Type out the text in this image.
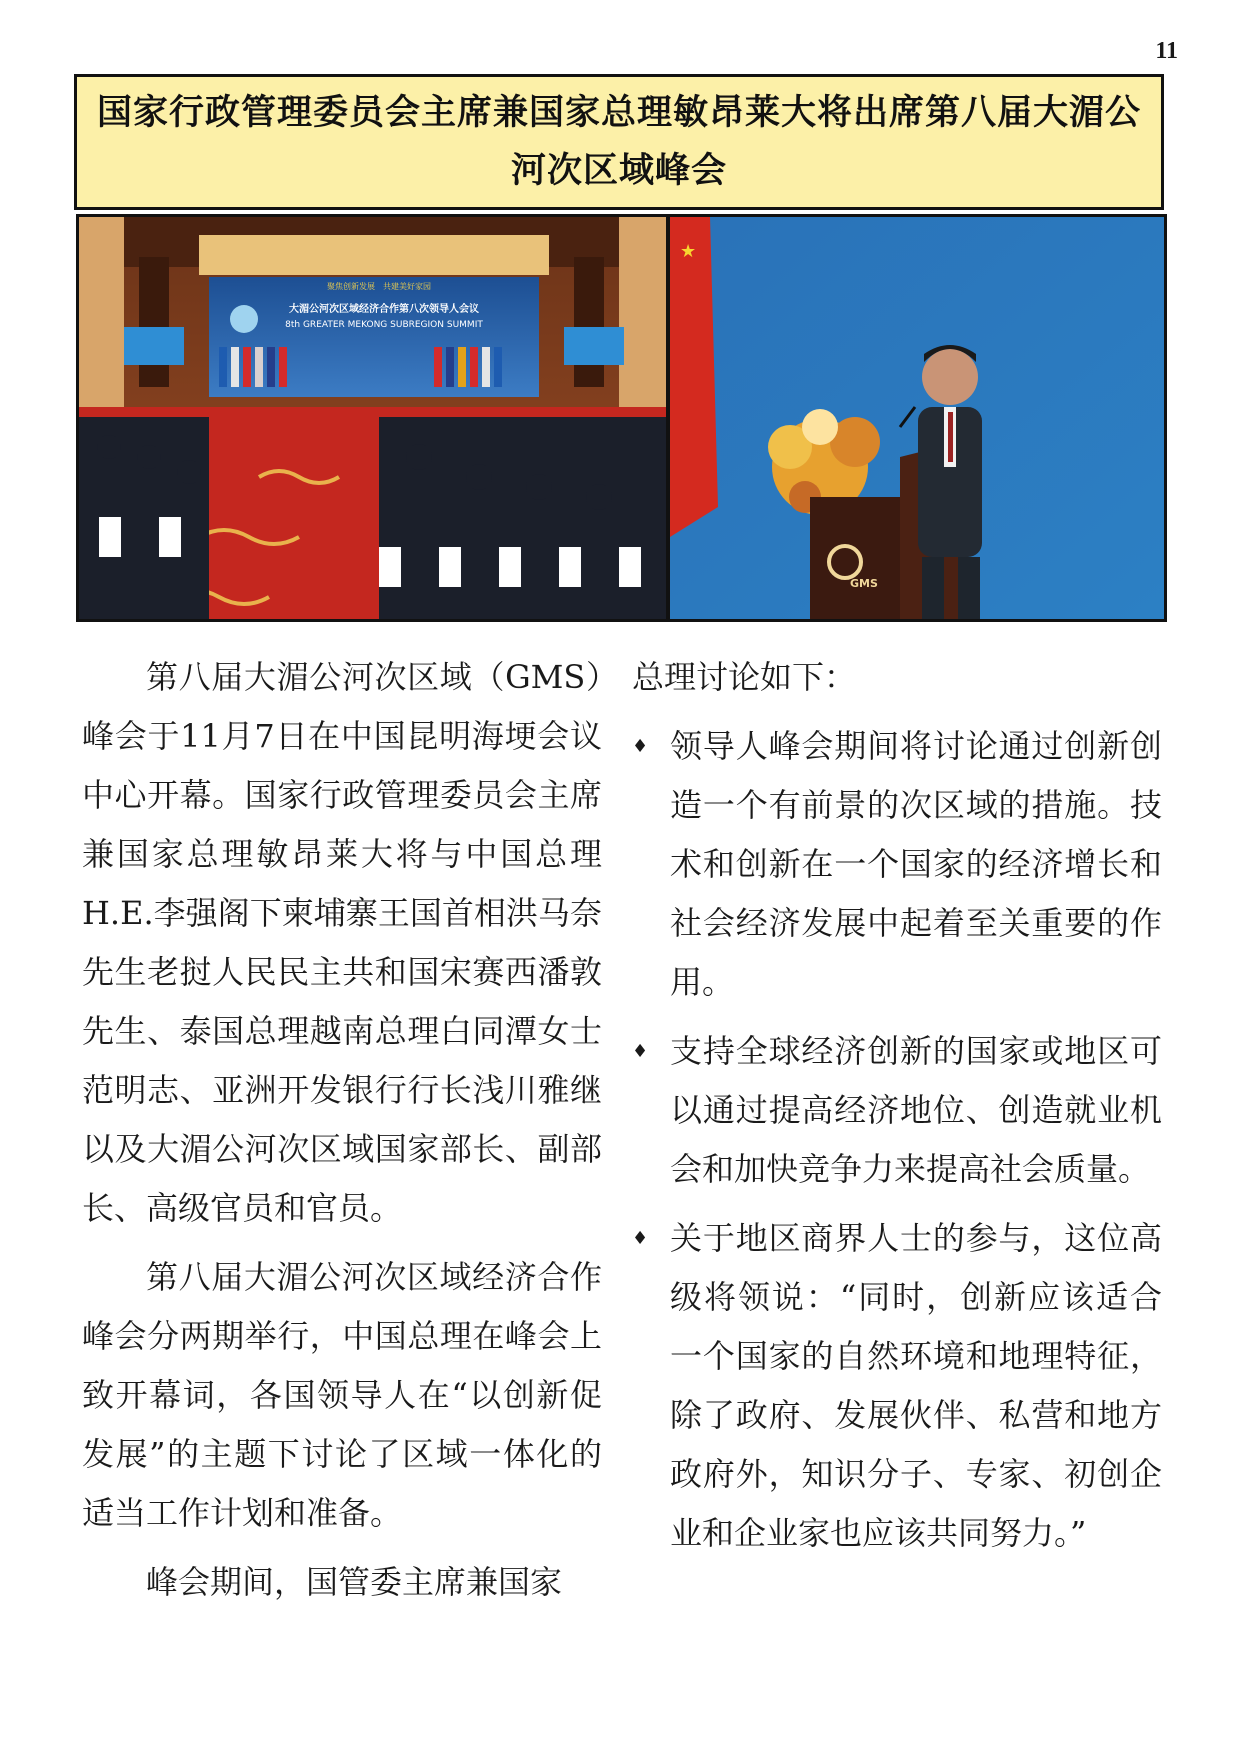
11
国家行政管理委员会主席兼国家总理敏昂莱大将出席第八届大湄公河次区域峰会
聚焦创新发展　共建美好家园
大湄公河次区域经济合作第八次领导人会议
8th GREATER MEKONG SUBREGION SUMMIT
★
GMS

第八届大湄公河次区域（GMS）峰会于11月7日在中国昆明海埂会议中心开幕。国家行政管理委员会主席兼国家总理敏昂莱大将与中国总理 H.E.李强阁下柬埔寨王国首相洪马奈先生老挝人民民主共和国宋赛西潘敦先生、泰国总理越南总理白同潭女士范明志、亚洲开发银行行长浅川雅继以及大湄公河次区域国家部长、副部长、高级官员和官员。

第八届大湄公河次区域经济合作峰会分两期举行，中国总理在峰会上致开幕词，各国领导人在“以创新促发展”的主题下讨论了区域一体化的适当工作计划和准备。

峰会期间，国管委主席兼国家

总理讨论如下：

♦ 领导人峰会期间将讨论通过创新创造一个有前景的次区域的措施。技术和创新在一个国家的经济增长和社会经济发展中起着至关重要的作用。
♦ 支持全球经济创新的国家或地区可以通过提高经济地位、创造就业机会和加快竞争力来提高社会质量。
♦ 关于地区商界人士的参与，这位高级将领说：“同时，创新应该适合一个国家的自然环境和地理特征，除了政府、发展伙伴、私营和地方政府外，知识分子、专家、初创企业和企业家也应该共同努力。”
